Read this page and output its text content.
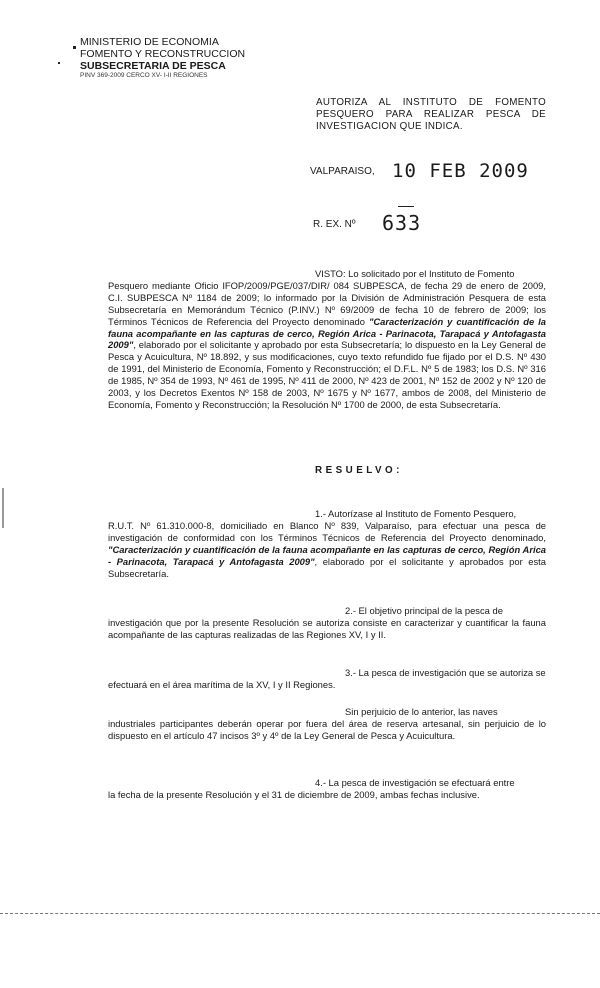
MINISTERIO DE ECONOMIA
FOMENTO Y RECONSTRUCCION
SUBSECRETARIA DE PESCA
PINV 369-2009 CERCO XV- I-II REGIONES
AUTORIZA AL INSTITUTO DE FOMENTO PESQUERO PARA REALIZAR PESCA DE INVESTIGACION QUE INDICA.
VALPARAISO, 10 FEB 2009
R. EX. Nº 633
VISTO: Lo solicitado por el Instituto de Fomento
Pesquero mediante Oficio IFOP/2009/PGE/037/DIR/ 084 SUBPESCA, de fecha 29 de enero de 2009, C.I. SUBPESCA Nº 1184 de 2009; lo informado por la División de Administración Pesquera de esta Subsecretaría en Memorándum Técnico (P.INV.) Nº 69/2009 de fecha 10 de febrero de 2009; los Términos Técnicos de Referencia del Proyecto denominado "Caracterización y cuantificación de la fauna acompañante en las capturas de cerco, Región Arica - Parinacota, Tarapacá y Antofagasta 2009", elaborado por el solicitante y aprobado por esta Subsecretaría; lo dispuesto en la Ley General de Pesca y Acuicultura, Nº 18.892, y sus modificaciones, cuyo texto refundido fue fijado por el D.S. Nº 430 de 1991, del Ministerio de Economía, Fomento y Reconstrucción; el D.F.L. Nº 5 de 1983; los D.S. Nº 316 de 1985, Nº 354 de 1993, Nº 461 de 1995, Nº 411 de 2000, Nº 423 de 2001, Nº 152 de 2002 y Nº 120 de 2003, y los Decretos Exentos Nº 158 de 2003, Nº 1675 y Nº 1677, ambos de 2008, del Ministerio de Economía, Fomento y Reconstrucción; la Resolución Nº 1700 de 2000, de esta Subsecretaría.
RESUELVO:
1.- Autorízase al Instituto de Fomento Pesquero,
R.U.T. Nº 61.310.000-8, domiciliado en Blanco Nº 839, Valparaíso, para efectuar una pesca de investigación de conformidad con los Términos Técnicos de Referencia del Proyecto denominado, "Caracterización y cuantificación de la fauna acompañante en las capturas de cerco, Región Arica - Parinacota, Tarapacá y Antofagasta 2009", elaborado por el solicitante y aprobados por esta Subsecretaría.
2.- El objetivo principal de la pesca de
investigación que por la presente Resolución se autoriza consiste en caracterizar y cuantificar la fauna acompañante de las capturas realizadas de las Regiones XV, I y II.
3.- La pesca de investigación que se autoriza se
efectuará en el área marítima de la XV, I y II Regiones.
Sin perjuicio de lo anterior, las naves
industriales participantes deberán operar por fuera del área de reserva artesanal, sin perjuicio de lo dispuesto en el artículo 47 incisos 3º y 4º de la Ley General de Pesca y Acuicultura.
4.- La pesca de investigación se efectuará entre
la fecha de la presente Resolución y el 31 de diciembre de 2009, ambas fechas inclusive.
